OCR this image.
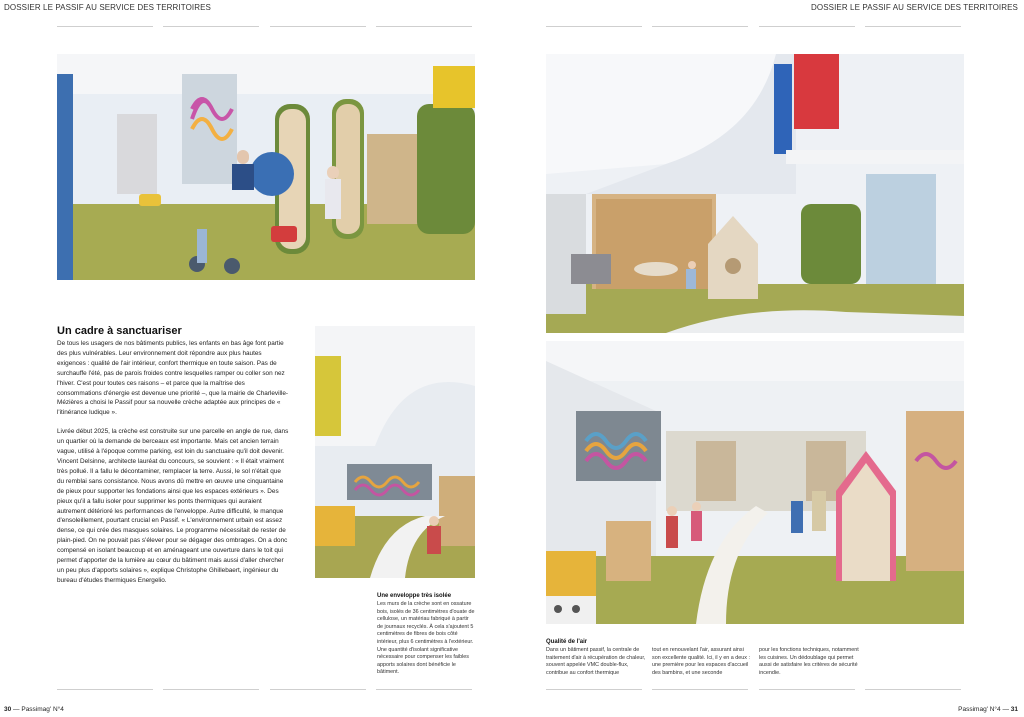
DOSSIER LE PASSIF AU SERVICE DES TERRITOIRES	DOSSIER LE PASSIF AU SERVICE DES TERRITOIRES
Un cadre à sanctuariser

De tous les usagers de nos bâtiments publics, les enfants en bas âge font partie des plus vulnérables. Leur environnement doit répondre aux plus hautes exigences : qualité de l'air intérieur, confort thermique en toute saison. Pas de surchauffe l'été, pas de parois froides contre lesquelles ramper ou coller son nez l'hiver. C'est pour toutes ces raisons – et parce que la maîtrise des consommations d'énergie est devenue une priorité –, que la mairie de Charleville-Mézières a choisi le Passif pour sa nouvelle crèche adaptée aux principes de « l'itinérance ludique ».

Livrée début 2025, la crèche est construite sur une parcelle en angle de rue, dans un quartier où la demande de berceaux est importante. Mais cet ancien terrain vague, utilisé à l'époque comme parking, est loin du sanctuaire qu'il doit devenir. Vincent Delsinne, architecte lauréat du concours, se souvient : « Il était vraiment très pollué. Il a fallu le décontaminer, remplacer la terre. Aussi, le sol n'était que du remblai sans consistance. Nous avons dû mettre en œuvre une cinquantaine de pieux pour supporter les fondations ainsi que les espaces extérieurs ». Des pieux qu'il a fallu isoler pour supprimer les ponts thermiques qui auraient autrement détérioré les performances de l'enveloppe. Autre difficulté, le manque d'ensoleillement, pourtant crucial en Passif. « L'environnement urbain est assez dense, ce qui crée des masques solaires. Le programme nécessitait de rester de plain-pied. On ne pouvait pas s'élever pour se dégager des ombrages. On a donc compensé en isolant beaucoup et en aménageant une ouverture dans le toit qui permet d'apporter de la lumière au cœur du bâtiment mais aussi d'aller chercher un peu plus d'apports solaires », explique Christophe Ghillebaert, ingénieur du bureau d'études thermiques Energelio.

Une enveloppe très isolée
Les murs de la crèche sont en ossature bois, isolés de 36 centimètres d'ouate de cellulose, un matériau fabriqué à partir de journaux recyclés. À cela s'ajoutent 5 centimètres de fibres de bois côté intérieur, plus 6 centimètres à l'extérieur. Une quantité d'isolant significative nécessaire pour compenser les faibles apports solaires dont bénéficie le bâtiment.
Qualité de l'air
Dans un bâtiment passif, la centrale de traitement d'air à récupération de chaleur, souvent appelée VMC double-flux, contribue au confort thermique
tout en renouvelant l'air, assurant ainsi son excellente qualité. Ici, il y en a deux : une première pour les espaces d'accueil des bambins, et une seconde
pour les fonctions techniques, notamment les cuisines. Un dédoublage qui permet aussi de satisfaire les critères de sécurité incendie.
30 — Passimag' N°4	Passimag' N°4 — 31
